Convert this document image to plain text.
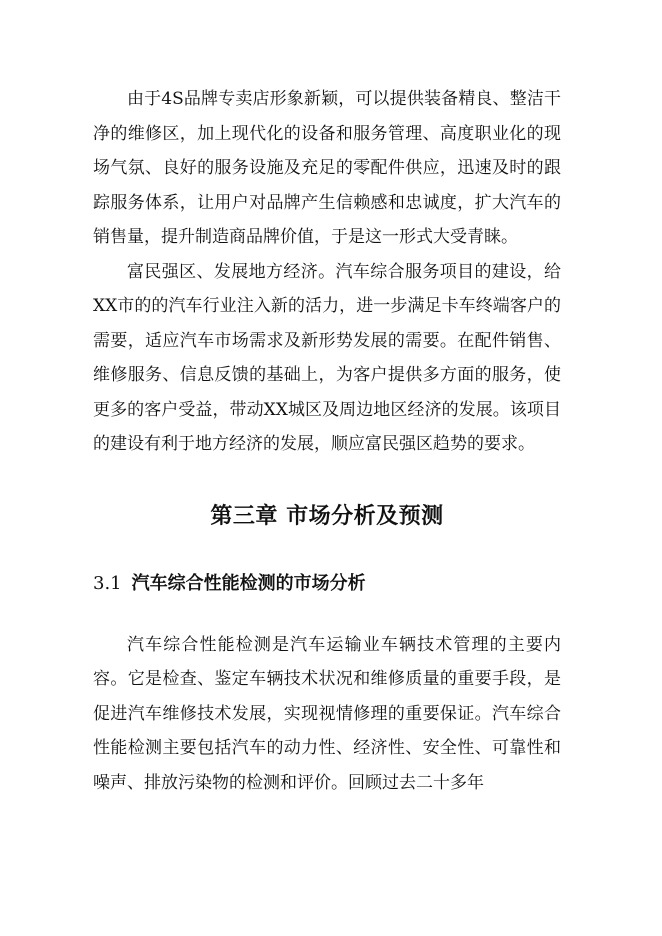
由于4S品牌专卖店形象新颖，可以提供装备精良、整洁干净的维修区，加上现代化的设备和服务管理、高度职业化的现场气氛、良好的服务设施及充足的零配件供应，迅速及时的跟踪服务体系，让用户对品牌产生信赖感和忠诚度，扩大汽车的销售量，提升制造商品牌价值，于是这一形式大受青睐。

富民强区、发展地方经济。汽车综合服务项目的建设，给XX市的的汽车行业注入新的活力，进一步满足卡车终端客户的需要，适应汽车市场需求及新形势发展的需要。在配件销售、维修服务、信息反馈的基础上，为客户提供多方面的服务，使更多的客户受益，带动XX城区及周边地区经济的发展。该项目的建设有利于地方经济的发展，顺应富民强区趋势的要求。

第三章 市场分析及预测
3.1 汽车综合性能检测的市场分析

汽车综合性能检测是汽车运输业车辆技术管理的主要内容。它是检查、鉴定车辆技术状况和维修质量的重要手段，是促进汽车维修技术发展，实现视情修理的重要保证。汽车综合性能检测主要包括汽车的动力性、经济性、安全性、可靠性和噪声、排放污染物的检测和评价。回顾过去二十多年
